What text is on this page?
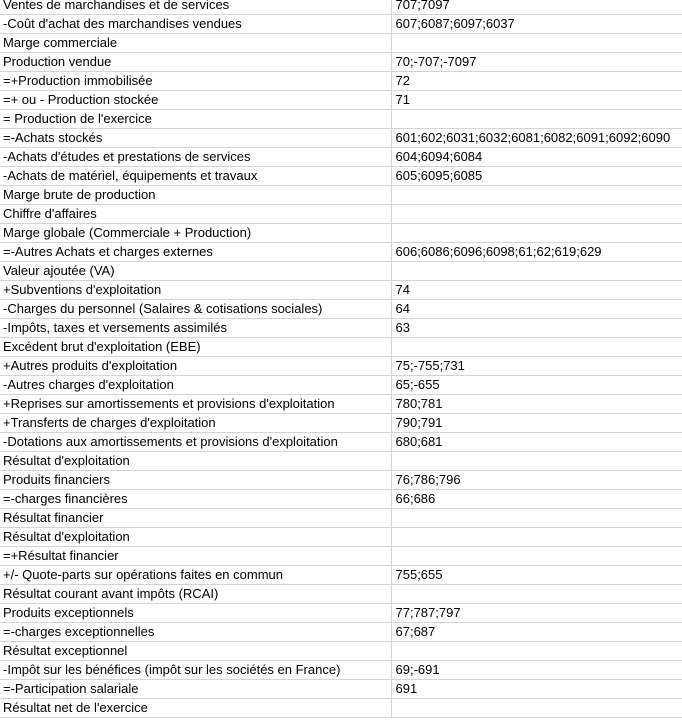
Ventes de marchandises et de services	707;7097
-Coût d'achat des marchandises vendues	607;6087;6097;6037
Marge commerciale	
Production vendue	70;-707;-7097
=+Production immobilisée	72
=+ ou - Production stockée	71
= Production de l'exercice	
=-Achats stockés	601;602;6031;6032;6081;6082;6091;6092;6090
-Achats d'études et prestations de services	604;6094;6084
-Achats de matériel, équipements et travaux	605;6095;6085
Marge brute de production	
Chiffre d'affaires	
Marge globale (Commerciale + Production)	
=-Autres Achats et charges externes	606;6086;6096;6098;61;62;619;629
Valeur ajoutée (VA)	
+Subventions d'exploitation	74
-Charges du personnel (Salaires & cotisations sociales)	64
-Impôts, taxes et versements assimilés	63
Excédent brut d'exploitation (EBE)	
+Autres produits d'exploitation	75;-755;731
-Autres charges d'exploitation	65;-655
+Reprises sur amortissements et provisions d'exploitation	780;781
+Transferts de charges d'exploitation	790;791
-Dotations aux amortissements et provisions d'exploitation	680;681
Résultat d'exploitation	
Produits financiers	76;786;796
=-charges financières	66;686
Résultat financier	
Résultat d'exploitation	
=+Résultat financier	
+/- Quote-parts sur opérations faites en commun	755;655
Résultat courant avant impôts (RCAI)	
Produits exceptionnels	77;787;797
=-charges exceptionnelles	67;687
Résultat exceptionnel	
-Impôt sur les bénéfices (impôt sur les sociétés en France)	69;-691
=-Participation salariale	691
Résultat net de l'exercice	
